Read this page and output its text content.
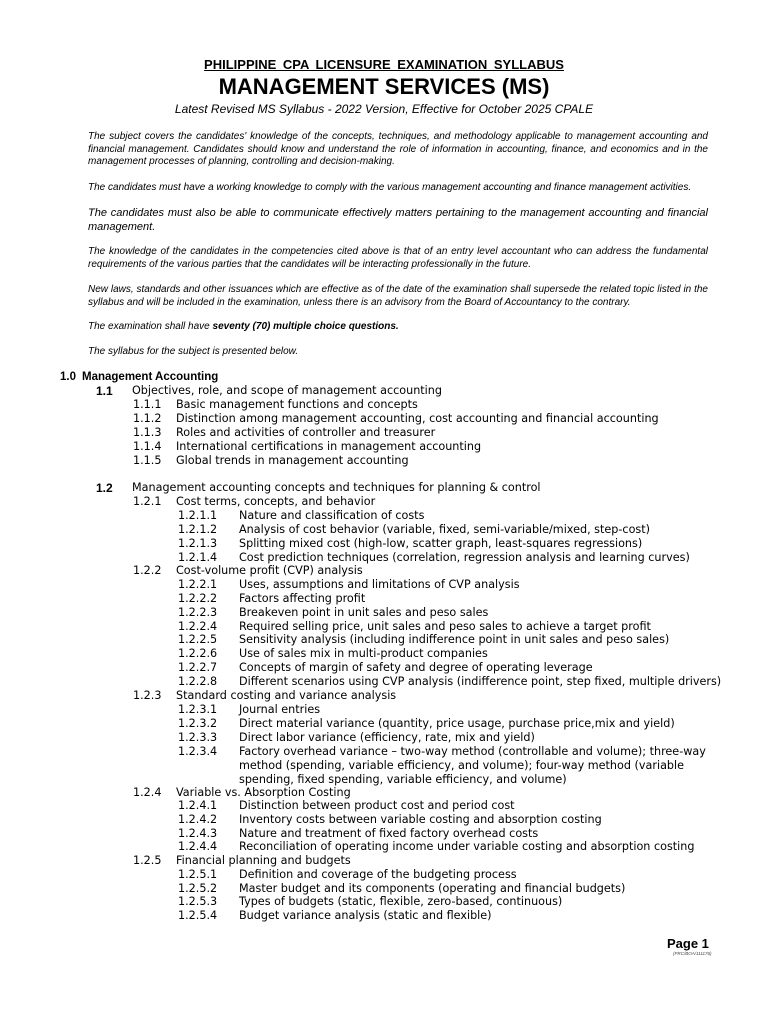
PHILIPPINE CPA LICENSURE EXAMINATION SYLLABUS
MANAGEMENT SERVICES (MS)
Latest Revised MS Syllabus - 2022 Version, Effective for October 2025 CPALE
The subject covers the candidates' knowledge of the concepts, techniques, and methodology applicable to management accounting and financial management. Candidates should know and understand the role of information in accounting, finance, and economics and in the management processes of planning, controlling and decision-making.
The candidates must have a working knowledge to comply with the various management accounting and finance management activities.
The candidates must also be able to communicate effectively matters pertaining to the management accounting and financial management.
The knowledge of the candidates in the competencies cited above is that of an entry level accountant who can address the fundamental requirements of the various parties that the candidates will be interacting professionally in the future.
New laws, standards and other issuances which are effective as of the date of the examination shall supersede the related topic listed in the syllabus and will be included in the examination, unless there is an advisory from the Board of Accountancy to the contrary.
The examination shall have seventy (70) multiple choice questions.
The syllabus for the subject is presented below.
1.0 Management Accounting
1.1 Objectives, role, and scope of management accounting
1.1.1 Basic management functions and concepts
1.1.2 Distinction among management accounting, cost accounting and financial accounting
1.1.3 Roles and activities of controller and treasurer
1.1.4 International certifications in management accounting
1.1.5 Global trends in management accounting
1.2 Management accounting concepts and techniques for planning & control
1.2.1 Cost terms, concepts, and behavior
1.2.1.1 Nature and classification of costs
1.2.1.2 Analysis of cost behavior (variable, fixed, semi-variable/mixed, step-cost)
1.2.1.3 Splitting mixed cost (high-low, scatter graph, least-squares regressions)
1.2.1.4 Cost prediction techniques (correlation, regression analysis and learning curves)
1.2.2 Cost-volume profit (CVP) analysis
1.2.2.1 Uses, assumptions and limitations of CVP analysis
1.2.2.2 Factors affecting profit
1.2.2.3 Breakeven point in unit sales and peso sales
1.2.2.4 Required selling price, unit sales and peso sales to achieve a target profit
1.2.2.5 Sensitivity analysis (including indifference point in unit sales and peso sales)
1.2.2.6 Use of sales mix in multi-product companies
1.2.2.7 Concepts of margin of safety and degree of operating leverage
1.2.2.8 Different scenarios using CVP analysis (indifference point, step fixed, multiple drivers)
1.2.3 Standard costing and variance analysis
1.2.3.1 Journal entries
1.2.3.2 Direct material variance (quantity, price usage, purchase price,mix and yield)
1.2.3.3 Direct labor variance (efficiency, rate, mix and yield)
1.2.3.4 Factory overhead variance – two-way method (controllable and volume); three-way method (spending, variable efficiency, and volume); four-way method (variable spending, fixed spending, variable efficiency, and volume)
1.2.4 Variable vs. Absorption Costing
1.2.4.1 Distinction between product cost and period cost
1.2.4.2 Inventory costs between variable costing and absorption costing
1.2.4.3 Nature and treatment of fixed factory overhead costs
1.2.4.4 Reconciliation of operating income under variable costing and absorption costing
1.2.5 Financial planning and budgets
1.2.5.1 Definition and coverage of the budgeting process
1.2.5.2 Master budget and its components (operating and financial budgets)
1.2.5.3 Types of budgets (static, flexible, zero-based, continuous)
1.2.5.4 Budget variance analysis (static and flexible)
Page 1
(PRC/BOA/111176)
